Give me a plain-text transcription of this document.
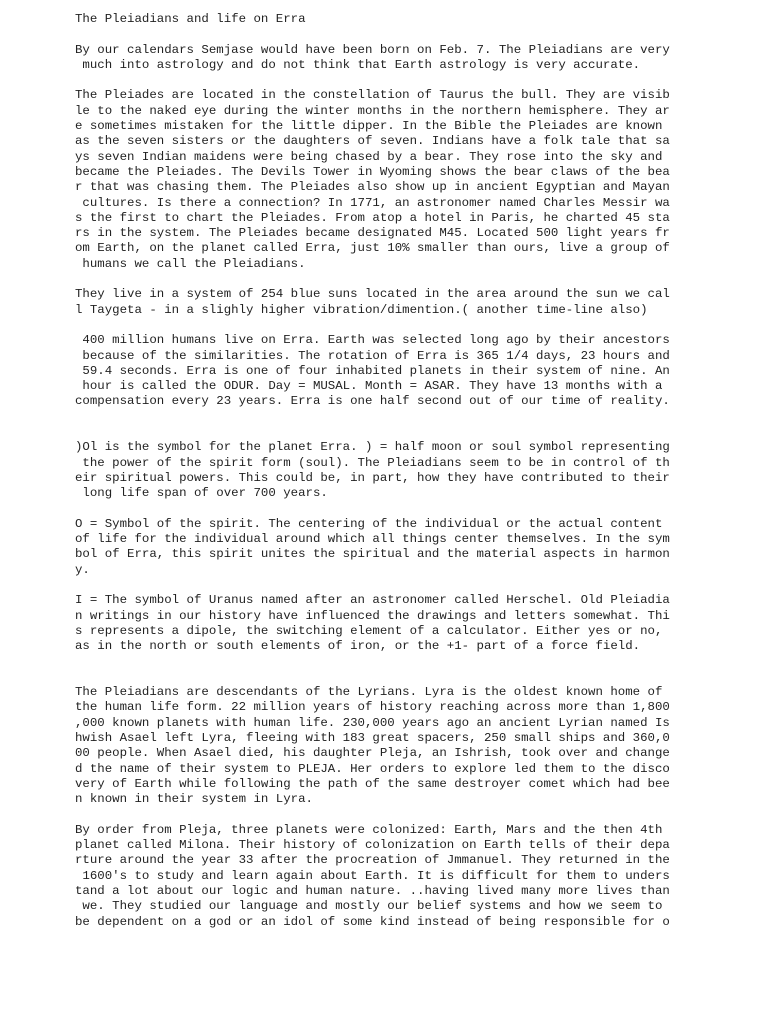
The Pleiadians and life on Erra
By our calendars Semjase would have been born on Feb. 7. The Pleiadians are very
much into astrology and do not think that Earth astrology is very accurate.
The Pleiades are located in the constellation of Taurus the bull. They are visib
le to the naked eye during the winter months in the northern hemisphere. They ar
e sometimes mistaken for the little dipper. In the Bible the Pleiades are known
as the seven sisters or the daughters of seven. Indians have a folk tale that sa
ys seven Indian maidens were being chased by a bear. They rose into the sky and
became the Pleiades. The Devils Tower in Wyoming shows the bear claws of the bea
r that was chasing them. The Pleiades also show up in ancient Egyptian and Mayan
cultures. Is there a connection? In 1771, an astronomer named Charles Messir wa
s the first to chart the Pleiades. From atop a hotel in Paris, he charted 45 sta
rs in the system. The Pleiades became designated M45. Located 500 light years fr
om Earth, on the planet called Erra, just 10% smaller than ours, live a group of
humans we call the Pleiadians.
They live in a system of 254 blue suns located in the area around the sun we cal
l Taygeta - in a slighly higher vibration/dimention.( another time-line also)
400 million humans live on Erra. Earth was selected long ago by their ancestors
because of the similarities. The rotation of Erra is 365 1/4 days, 23 hours and
59.4 seconds. Erra is one of four inhabited planets in their system of nine. An
hour is called the ODUR. Day = MUSAL. Month = ASAR. They have 13 months with a
compensation every 23 years. Erra is one half second out of our time of reality.
)Ol is the symbol for the planet Erra. ) = half moon or soul symbol representing
the power of the spirit form (soul). The Pleiadians seem to be in control of th
eir spiritual powers. This could be, in part, how they have contributed to their
long life span of over 700 years.
O = Symbol of the spirit. The centering of the individual or the actual content
of life for the individual around which all things center themselves. In the sym
bol of Erra, this spirit unites the spiritual and the material aspects in harmon
y.
I = The symbol of Uranus named after an astronomer called Herschel. Old Pleiadia
n writings in our history have influenced the drawings and letters somewhat. Thi
s represents a dipole, the switching element of a calculator. Either yes or no,
as in the north or south elements of iron, or the +1- part of a force field.
The Pleiadians are descendants of the Lyrians. Lyra is the oldest known home of
the human life form. 22 million years of history reaching across more than 1,800
,000 known planets with human life. 230,000 years ago an ancient Lyrian named Is
hwish Asael left Lyra, fleeing with 183 great spacers, 250 small ships and 360,0
00 people. When Asael died, his daughter Pleja, an Ishrish, took over and change
d the name of their system to PLEJA. Her orders to explore led them to the disco
very of Earth while following the path of the same destroyer comet which had bee
n known in their system in Lyra.
By order from Pleja, three planets were colonized: Earth, Mars and the then 4th
planet called Milona. Their history of colonization on Earth tells of their depa
rture around the year 33 after the procreation of Jmmanuel. They returned in the
1600's to study and learn again about Earth. It is difficult for them to unders
tand a lot about our logic and human nature. ..having lived many more lives than
we. They studied our language and mostly our belief systems and how we seem to
be dependent on a god or an idol of some kind instead of being responsible for o
